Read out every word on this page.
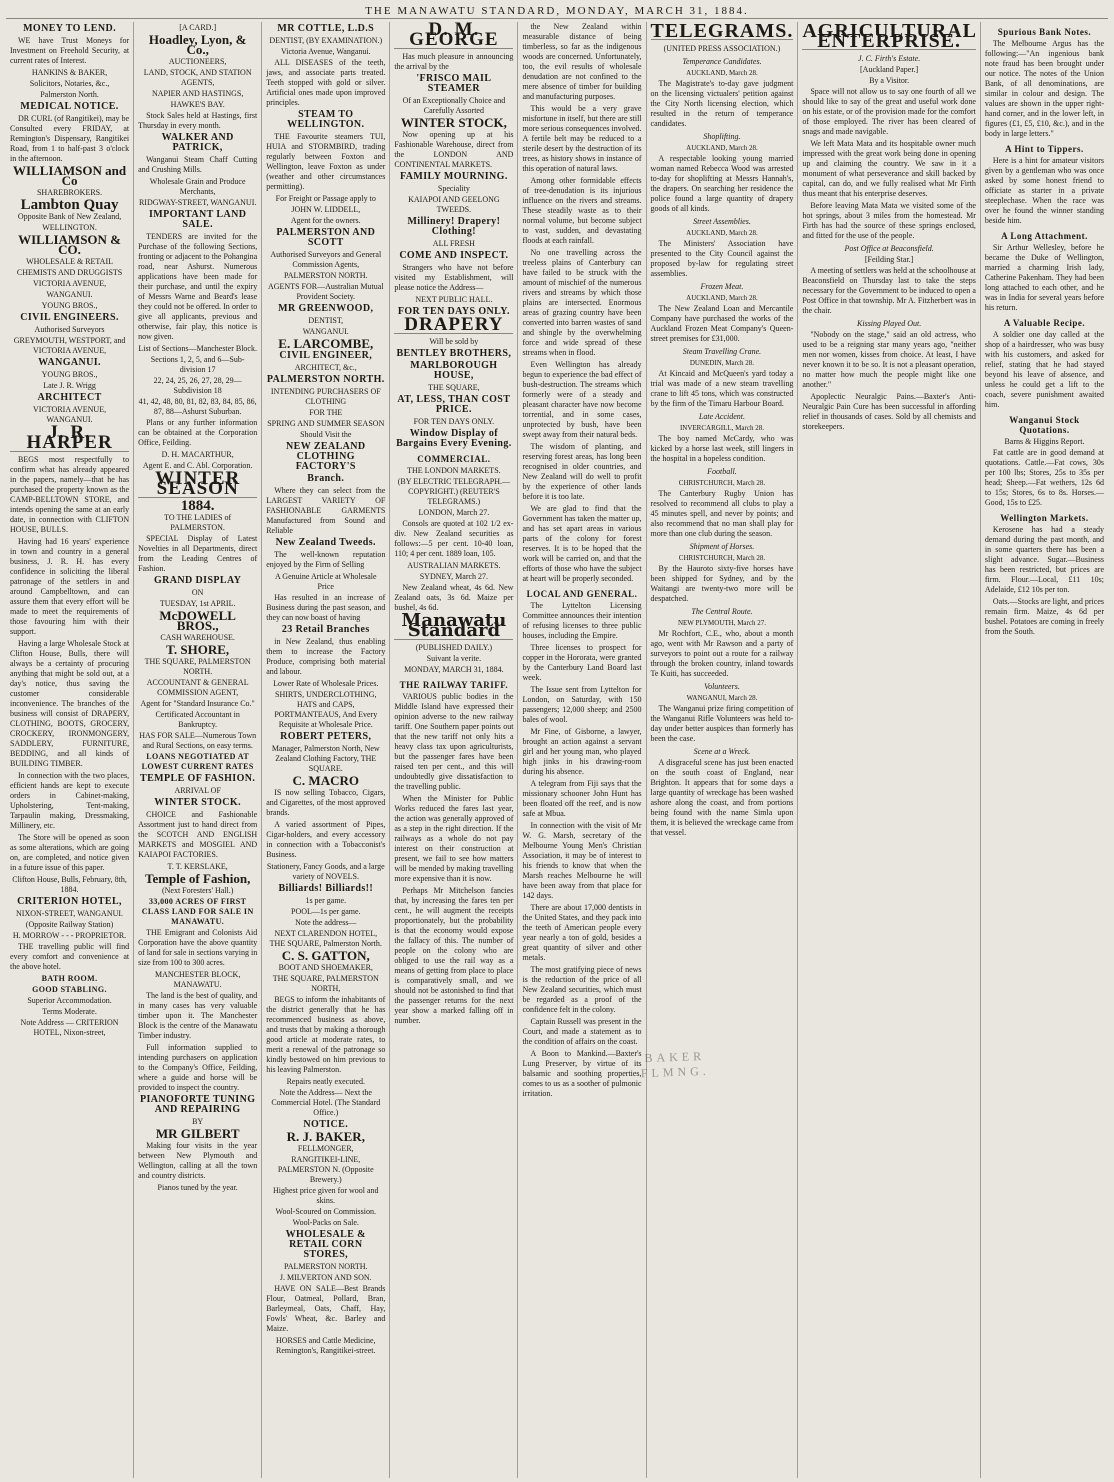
THE MANAWATU STANDARD, MONDAY, MARCH 31, 1884.
MONEY TO LEND.

WE have Trust Moneys for Investment on Freehold Security, at current rates of Interest.

HANKINS & BAKER,
Solicitors, Notaries, &c.,
Palmerston North.
MEDICAL NOTICE.

DR CURL (of Rangitikei), may be Consulted every FRIDAY, at Remington's Dispensary, Rangitikei Road, from 1 to half-past 3 o'clock in the afternoon.

WILLIAMSON and Co
SHAREBROKERS.
Lambton Quay
Opposite Bank of New Zealand,
WELLINGTON.
WILLIAMSON & CO.
WHOLESALE & RETAIL
CHEMISTS AND DRUGGISTS
VICTORIA AVENUE,
WANGANUI.
YOUNG BROS.,
CIVIL ENGINEERS.
Authorised Surveyors
GREYMOUTH, WESTPORT, and VICTORIA AVENUE,
WANGANUI.
YOUNG BROS.,
Late J. R. Wrigg
ARCHITECT
VICTORIA AVENUE, WANGANUI.
J. R. HARPER

BEGS most respectfully to confirm what has already appeared in the papers, namely—that he has purchased the property known as the CAMP-BELLTOWN STORE, and intends opening the same at an early date, in connection with CLIFTON HOUSE, BULLS.

Having had 16 years' experience in town and country in a general business, J. R. H. has every confidence in soliciting the liberal patronage of the settlers in and around Campbelltown, and can assure them that every effort will be made to meet the requirements of those favouring him with their support.

Having a large Wholesale Stock at Clifton House, Bulls, there will always be a certainty of procuring anything that might be sold out, at a day's notice, thus saving the customer considerable inconvenience. The branches of the business will consist of DRAPERY, CLOTHING, BOOTS, GROCERY, CROCKERY, IRONMONGERY, SADDLERY, FURNITURE, BEDDING, and all kinds of BUILDING TIMBER.

In connection with the two places, efficient hands are kept to execute orders in Cabinet-making, Upholstering, Tent-making, Tarpaulin making, Dressmaking, Millinery, etc.

The Store will be opened as soon as some alterations, which are going on, are completed, and notice given in a future issue of this paper.

Clifton House, Bulls, February, 8th, 1884.
CRITERION HOTEL,
NIXON-STREET, WANGANUI.
(Opposite Railway Station)
H. MORROW - - - PROPRIETOR.

THE travelling public will find every comfort and convenience at the above hotel.

BATH ROOM.
GOOD STABLING.
Superior Accommodation.
Terms Moderate.
Note Address — CRITERION HOTEL, Nixon-street,
[A CARD.]
Hoadley, Lyon, & Co.,
AUCTIONEERS,
LAND, STOCK, AND STATION AGENTS,
NAPIER AND HASTINGS,
HAWKE'S BAY.

Stock Sales held at Hastings, first Thursday in every month.

WALKER AND PATRICK,

Wanganui Steam Chaff Cutting and Crushing Mills.

Wholesale Grain and Produce Merchants,
RIDGWAY-STREET, WANGANUI.
IMPORTANT LAND SALE.

TENDERS are invited for the Purchase of the following Sections, fronting or adjacent to the Pohangina road, near Ashurst. Numerous applications have been made for their purchase, and until the expiry of Messrs Warne and Beard's lease they could not be offered. In order to give all applicants, previous and otherwise, fair play, this notice is now given.

List of Sections—Manchester Block.
Sections 1, 2, 5, and 6—Sub-division 17
22, 24, 25, 26, 27, 28, 29—Subdivision 18
41, 42, 48, 80, 81, 82, 83, 84, 85, 86, 87, 88—Ashurst Suburban.

Plans or any further information can be obtained at the Corporation Office, Feilding.

D. H. MACARTHUR,
Agent E. and C. Abl. Corporation.
WINTER SEASON
1884.
TO THE LADIES of PALMERSTON.

SPECIAL Display of Latest Novelties in all Departments, direct from the Leading Centres of Fashion.

GRAND DISPLAY
ON
TUESDAY, 1st APRIL.
McDOWELL BROS.,
CASH WAREHOUSE.
T. SHORE,
THE SQUARE, PALMERSTON NORTH.
ACCOUNTANT & GENERAL COMMISSION AGENT,
Agent for "Standard Insurance Co."
Certificated Accountant in Bankruptcy.
HAS FOR SALE—Numerous Town and Rural Sections, on easy terms.
LOANS NEGOTIATED AT LOWEST CURRENT RATES
TEMPLE OF FASHION.
ARRIVAL OF
WINTER STOCK.

CHOICE and Fashionable Assortment just to hand direct from the SCOTCH AND ENGLISH MARKETS and MOSGIEL AND KAIAPOI FACTORIES.

T. T. KERSLAKE,
Temple of Fashion,
(Next Foresters' Hall.)
33,000 ACRES OF FIRST CLASS LAND FOR SALE IN MANAWATU.

THE Emigrant and Colonists Aid Corporation have the above quantity of land for sale in sections varying in size from 100 to 300 acres.

MANCHESTER BLOCK, MANAWATU.

The land is the best of quality, and in many cases has very valuable timber upon it. The Manchester Block is the centre of the Manawatu Timber industry.

Full information supplied to intending purchasers on application to the Company's Office, Feilding, where a guide and horse will be provided to inspect the country.

PIANOFORTE TUNING AND REPAIRING
BY
MR GILBERT

Making four visits in the year between New Plymouth and Wellington, calling at all the town and country districts.

Pianos tuned by the year.
MR COTTLE, L.D.S
DENTIST, (BY EXAMINATION.)
Victoria Avenue, Wanganui.

ALL DISEASES of the teeth, jaws, and associate parts treated. Teeth stopped with gold or silver. Artificial ones made upon improved principles.

STEAM TO WELLINGTON.

THE Favourite steamers TUI, HUIA and STORMBIRD, trading regularly between Foxton and Wellington, leave Foxton as under (weather and other circumstances permitting).

For Freight or Passage apply to
JOHN W. LIDDELL,
Agent for the owners.
PALMERSTON AND SCOTT
Authorised Surveyors and General Commission Agents,
PALMERSTON NORTH.
AGENTS FOR—Australian Mutual Provident Society.
MR GREENWOOD,
DENTIST,
WANGANUI.
E. LARCOMBE,
CIVIL ENGINEER,
ARCHITECT, &c.,
PALMERSTON NORTH.
INTENDING PURCHASERS OF CLOTHING
FOR THE
SPRING AND SUMMER SEASON
Should Visit the
NEW ZEALAND CLOTHING FACTORY'S
Branch.

Where they can select from the LARGEST VARIETY OF FASHIONABLE GARMENTS Manufactured from Sound and Reliable

New Zealand Tweeds.

The well-known reputation enjoyed by the Firm of Selling

A Genuine Article at Wholesale Price

Has resulted in an increase of Business during the past season, and they can now boast of having

23 Retail Branches

in New Zealand, thus enabling them to increase the Factory Produce, comprising both material and labour.

Lower Rate of Wholesale Prices.
SHIRTS, UNDERCLOTHING, HATS and CAPS, PORTMANTEAUS, And Every Requisite at Wholesale Price.
ROBERT PETERS,
Manager, Palmerston North, New Zealand Clothing Factory, THE SQUARE.
C. MACRO

IS now selling Tobacco, Cigars, and Cigarettes, of the most approved brands.

A varied assortment of Pipes, Cigar-holders, and every accessory in connection with a Tobacconist's Business.

Stationery, Fancy Goods, and a large variety of NOVELS.
Billiards! Billiards!!
1s per game.
POOL—1s per game.
Note the address—
NEXT CLARENDON HOTEL, THE SQUARE, Palmerston North.
C. S. GATTON,
BOOT AND SHOEMAKER,
THE SQUARE, PALMERSTON NORTH,

BEGS to inform the inhabitants of the district generally that he has recommenced business as above, and trusts that by making a thorough good article at moderate rates, to merit a renewal of the patronage so kindly bestowed on him previous to his leaving Palmerston.

Repairs neatly executed.
Note the Address— Next the Commercial Hotel. (The Standard Office.)
NOTICE.
R. J. BAKER,
FELLMONGER,
RANGITIKEI-LINE, PALMERSTON N. (Opposite Brewery.)
Highest price given for wool and skins.
Wool-Scoured on Commission.
Wool-Packs on Sale.
WHOLESALE & RETAIL CORN STORES,
PALMERSTON NORTH.
J. MILVERTON AND SON.

HAVE ON SALE—Best Brands Flour, Oatmeal, Pollard, Bran, Barleymeal, Oats, Chaff, Hay, Fowls' Wheat, &c. Barley and Maize.

HORSES and Cattle Medicine, Remington's, Rangitikei-street.
D. M. GEORGE

Has much pleasure in announcing the arrival by the

'FRISCO MAIL STEAMER
Of an Exceptionally Choice and Carefully Assorted
WINTER STOCK,

Now opening up at his Fashionable Warehouse, direct from the LONDON AND CONTINENTAL MARKETS.

FAMILY MOURNING.
Speciality
KAIAPOI AND GEELONG TWEEDS.
Millinery! Drapery! Clothing!
ALL FRESH
COME AND INSPECT.

Strangers who have not before visited my Establishment, will please notice the Address—

NEXT PUBLIC HALL.
FOR TEN DAYS ONLY.
DRAPERY
Will be sold by
BENTLEY BROTHERS,
MARLBOROUGH HOUSE,
THE SQUARE,
AT, LESS, THAN COST PRICE.
FOR TEN DAYS ONLY.
Window Display of Bargains Every Evening.
COMMERCIAL.
THE LONDON MARKETS.
(BY ELECTRIC TELEGRAPH.—COPYRIGHT.) (REUTER'S TELEGRAMS.)
LONDON, March 27.

Consols are quoted at 102 1/2 ex-div. New Zealand securities as follows:—5 per cent. 10-40 loan, 110; 4 per cent. 1889 loan, 105.

AUSTRALIAN MARKETS.
SYDNEY, March 27.

New Zealand wheat, 4s 6d. New Zealand oats, 3s 6d. Maize per bushel, 4s 6d.

Manawatu Standard
(PUBLISHED DAILY.)
Suivant la verite.
MONDAY, MARCH 31, 1884.
THE RAILWAY TARIFF.

VARIOUS public bodies in the Middle Island have expressed their opinion adverse to the new railway tariff. One Southern paper points out that the new tariff not only hits a heavy class tax upon agriculturists, but the passenger fares have been raised ten per cent., and this will undoubtedly give dissatisfaction to the travelling public.

When the Minister for Public Works reduced the fares last year, the action was generally approved of as a step in the right direction. If the railways as a whole do not pay interest on their construction at present, we fail to see how matters will be mended by making travelling more expensive than it is now.

Perhaps Mr Mitchelson fancies that, by increasing the fares ten per cent., he will augment the receipts proportionately, but the probability is that the economy would expose the fallacy of this. The number of people on the colony who are obliged to use the rail way as a means of getting from place to place is comparatively small, and we should not be astonished to find that the passenger returns for the next year show a marked falling off in number.

the New Zealand within measurable distance of being timberless, so far as the indigenous woods are concerned. Unfortunately, too, the evil results of wholesale denudation are not confined to the mere absence of timber for building and manufacturing purposes.

This would be a very grave misfortune in itself, but there are still more serious consequences involved. A fertile belt may be reduced to a sterile desert by the destruction of its trees, as history shows in instance of this operation of natural laws.

Among other formidable effects of tree-denudation is its injurious influence on the rivers and streams. These steadily waste as to their normal volume, but become subject to vast, sudden, and devastating floods at each rainfall.

No one travelling across the treeless plains of Canterbury can have failed to be struck with the amount of mischief of the numerous rivers and streams by which those plains are intersected. Enormous areas of grazing country have been converted into barren wastes of sand and shingle by the overwhelming force and wide spread of these streams when in flood.

Even Wellington has already begun to experience the bad effect of bush-destruction. The streams which formerly were of a steady and pleasant character have now become torrential, and in some cases, unprotected by bush, have been swept away from their natural beds.

The wisdom of planting, and reserving forest areas, has long been recognised in older countries, and New Zealand will do well to profit by the experience of other lands before it is too late.

We are glad to find that the Government has taken the matter up, and has set apart areas in various parts of the colony for forest reserves. It is to be hoped that the work will be carried on, and that the efforts of those who have the subject at heart will be properly seconded.

LOCAL AND GENERAL.

The Lyttelton Licensing Committee announces their intention of refusing licenses to three public houses, including the Empire.

Three licenses to prospect for copper in the Hororata, were granted by the Canterbury Land Board last week.

The Issue sent from Lyttelton for London, on Saturday, with 150 passengers; 12,000 sheep; and 2500 bales of wool.

Mr Fine, of Gisborne, a lawyer, brought an action against a servant girl and her young man, who played high jinks in his drawing-room during his absence.

A telegram from Fiji says that the missionary schooner John Hunt has been floated off the reef, and is now safe at Mbua.

In connection with the visit of Mr W. G. Marsh, secretary of the Melbourne Young Men's Christian Association, it may be of interest to his friends to know that when the Marsh reaches Melbourne he will have been away from that place for 142 days.

There are about 17,000 dentists in the United States, and they pack into the teeth of American people every year nearly a ton of gold, besides a great quantity of silver and other metals.

The most gratifying piece of news is the reduction of the price of all New Zealand securities, which must be regarded as a proof of the confidence felt in the colony.

Captain Russell was present in the Court, and made a statement as to the condition of affairs on the coast.

A Boon to Mankind.—Baxter's Lung Preserver, by virtue of its balsamic and soothing properties, comes to us as a soother of pulmonic irritation.

TELEGRAMS.
(UNITED PRESS ASSOCIATION.)
Temperance Candidates.
AUCKLAND, March 28.

The Magistrate's to-day gave judgment on the licensing victualers' petition against the City North licensing election, which resulted in the return of temperance candidates.

Shoplifting.
AUCKLAND, March 28.

A respectable looking young married woman named Rebecca Wood was arrested to-day for shoplifting at Messrs Hannah's, the drapers. On searching her residence the police found a large quantity of drapery goods of all kinds.

Street Assemblies.
AUCKLAND, March 28.

The Ministers' Association have presented to the City Council against the proposed by-law for regulating street assemblies.

Frozen Meat.
AUCKLAND, March 28.

The New Zealand Loan and Mercantile Company have purchased the works of the Auckland Frozen Meat Company's Queen-street premises for £31,000.

Steam Travelling Crane.
DUNEDIN, March 28.

At Kincaid and McQueen's yard today a trial was made of a new steam travelling crane to lift 45 tons, which was constructed by the firm of the Timaru Harbour Board.

Late Accident.
INVERCARGILL, March 28.

The boy named McCardy, who was kicked by a horse last week, still lingers in the hospital in a hopeless condition.

Football.
CHRISTCHURCH, March 28.

The Canterbury Rugby Union has resolved to recommend all clubs to play a 45 minutes spell, and never by points; and also recommend that no man shall play for more than one club during the season.

Shipment of Horses.
CHRISTCHURCH, March 28.

By the Hauroto sixty-five horses have been shipped for Sydney, and by the Waitangi are twenty-two more will be despatched.

The Central Route.
NEW PLYMOUTH, March 27.

Mr Rochfort, C.E., who, about a month ago, went with Mr Rawson and a party of surveyors to point out a route for a railway through the broken country, inland towards Te Kuiti, has succeeded.

Volunteers.
WANGANUI, March 28.

The Wanganui prize firing competition of the Wanganui Rifle Volunteers was held to-day under better auspices than formerly has been the case.

Scene at a Wreck.

A disgraceful scene has just been enacted on the south coast of England, near Brighton. It appears that for some days a large quantity of wreckage has been washed ashore along the coast, and from portions being found with the name Simla upon them, it is believed the wreckage came from that vessel.

AGRICULTURAL ENTERPRISE.
J. C. Firth's Estate.
[Auckland Paper.]
By a Visitor.

Space will not allow us to say one fourth of all we should like to say of the great and useful work done on his estate, or of the provision made for the comfort of those employed. The river has been cleared of snags and made navigable.

We left Mata Mata and its hospitable owner much impressed with the great work being done in opening up and claiming the country. We saw in it a monument of what perseverance and skill backed by capital, can do, and we fully realised what Mr Firth thus meant that his enterprise deserves.

Before leaving Mata Mata we visited some of the hot springs, about 3 miles from the homestead. Mr Firth has had the source of these springs enclosed, and fitted for the use of the people.

Post Office at Beaconsfield.
[Feilding Star.]

A meeting of settlers was held at the schoolhouse at Beaconsfield on Thursday last to take the steps necessary for the Government to be induced to open a Post Office in that township. Mr A. Fitzherbert was in the chair.

Kissing Played Out.

"Nobody on the stage," said an old actress, who used to be a reigning star many years ago, "neither men nor women, kisses from choice. At least, I have never known it to be so. It is not a pleasant operation, no matter how much the people might like one another."

Apoplectic Neuralgic Pains.—Baxter's Anti-Neuralgic Pain Cure has been successful in affording relief in thousands of cases. Sold by all chemists and storekeepers.

Spurious Bank Notes.

The Melbourne Argus has the following:—"An ingenious bank note fraud has been brought under our notice. The notes of the Union Bank, of all denominations, are similar in colour and design. The values are shown in the upper right-hand corner, and in the lower left, in figures (£1, £5, £10, &c.), and in the body in large letters."

A Hint to Tippers.

Here is a hint for amateur visitors given by a gentleman who was once asked by some honest friend to officiate as starter in a private steeplechase. When the race was over he found the winner standing beside him.

A Long Attachment.

Sir Arthur Wellesley, before he became the Duke of Wellington, married a charming Irish lady, Catherine Pakenham. They had been long attached to each other, and he was in India for several years before his return.

A Valuable Recipe.

A soldier one day called at the shop of a hairdresser, who was busy with his customers, and asked for relief, stating that he had stayed beyond his leave of absence, and unless he could get a lift to the coach, severe punishment awaited him.

Wanganui Stock Quotations.
Barns & Higgins Report.

Fat cattle are in good demand at quotations. Cattle.—Fat cows, 30s per 100 lbs; Stores, 25s to 35s per head; Sheep.—Fat wethers, 12s 6d to 15s; Stores, 6s to 8s. Horses.—Good, 15s to £25.

Wellington Markets.

Kerosene has had a steady demand during the past month, and in some quarters there has been a slight advance. Sugar.—Business has been restricted, but prices are firm. Flour.—Local, £11 10s; Adelaide, £12 10s per ton.

Oats.—Stocks are light, and prices remain firm. Maize, 4s 6d per bushel. Potatoes are coming in freely from the South.

BAKER FLMNG.
